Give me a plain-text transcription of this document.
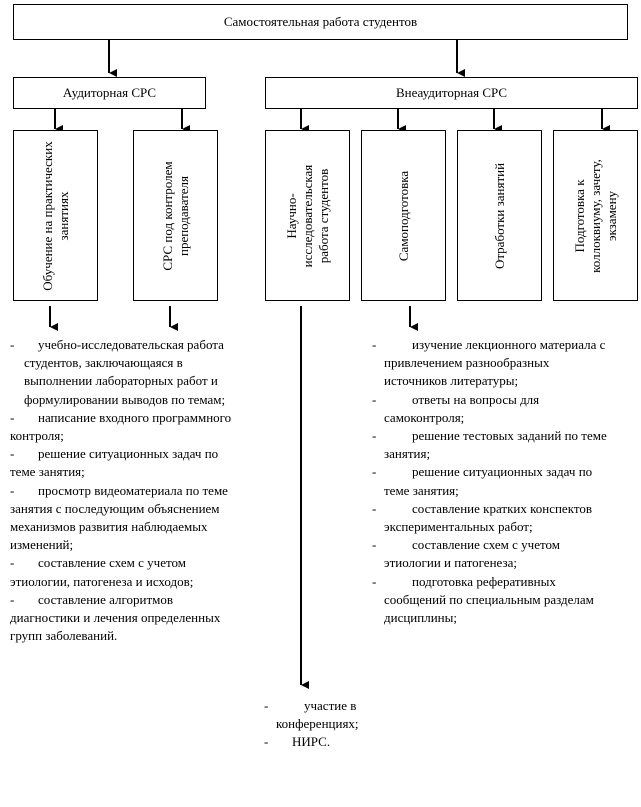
Самостоятельная работа студентов
Аудиторная СРС	Внеаудиторная СРС
Обучение на практических занятиях	СРС под контролем преподавателя	Научно-исследовательская работа студентов	Самоподготовка	Отработки занятий	Подготовка к коллоквиуму, зачету, экзамену
-	учебно-исследовательская работа студентов, заключающаяся в выполнении лабораторных работ и формулировании выводов по темам;
-	написание входного программного контроля;
-	решение ситуационных задач по теме занятия;
-	просмотр видеоматериала по теме занятия с последующим объяснением механизмов развития наблюдаемых изменений;
-	составление схем с учетом этиологии, патогенеза и исходов;
-	составление алгоритмов диагностики и лечения определенных групп заболеваний.
-	участие в конференциях;
-	НИРС.
-	изучение лекционного материала с привлечением разнообразных источников литературы;
-	ответы на вопросы для самоконтроля;
-	решение тестовых заданий по теме занятия;
-	решение ситуационных задач по теме занятия;
-	составление кратких конспектов экспериментальных работ;
-	составление схем с учетом этиологии и патогенеза;
-	подготовка реферативных сообщений по специальным разделам дисциплины;
